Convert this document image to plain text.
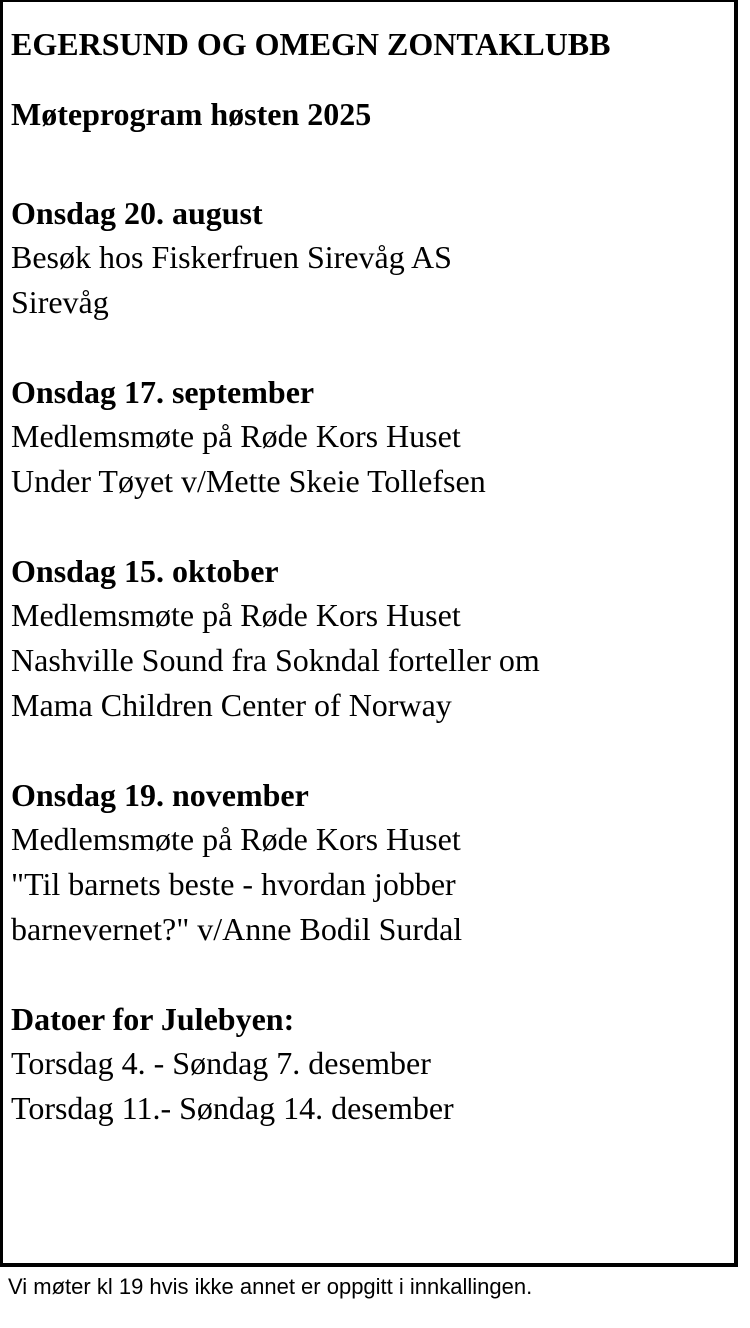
EGERSUND OG OMEGN ZONTAKLUBB
Møteprogram høsten 2025
Onsdag 20. august
Besøk hos Fiskerfruen Sirevåg AS
Sirevåg
Onsdag 17. september
Medlemsmøte på Røde Kors Huset
Under Tøyet v/Mette Skeie Tollefsen
Onsdag 15. oktober
Medlemsmøte på Røde Kors Huset
Nashville Sound fra Sokndal forteller om
Mama Children Center of Norway
Onsdag 19. november
Medlemsmøte på Røde Kors Huset
"Til barnets beste - hvordan jobber
barnevernet?" v/Anne Bodil Surdal
Datoer for Julebyen:
Torsdag 4. - Søndag 7. desember
Torsdag 11.- Søndag 14. desember
Vi møter kl 19 hvis ikke annet er oppgitt i innkallingen.
